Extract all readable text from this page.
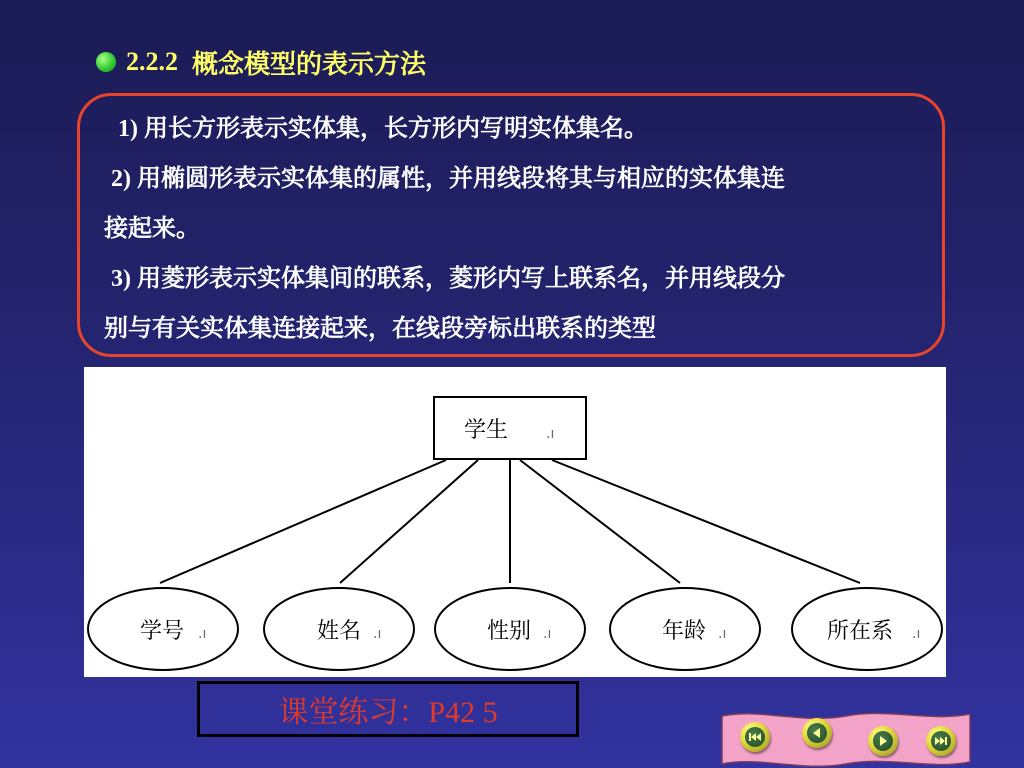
2.2.2 概念模型的表示方法
1) 用长方形表示实体集，长方形内写明实体集名。
2) 用椭圆形表示实体集的属性，并用线段将其与相应的实体集连
接起来。
3) 用菱形表示实体集间的联系，菱形内写上联系名，并用线段分
别与有关实体集连接起来，在线段旁标出联系的类型
学生	.​ı
学号 .​ı	姓名 .​ı	性别 .​ı	年龄 .​ı	所在系 .​ı
课堂练习：P42 5
